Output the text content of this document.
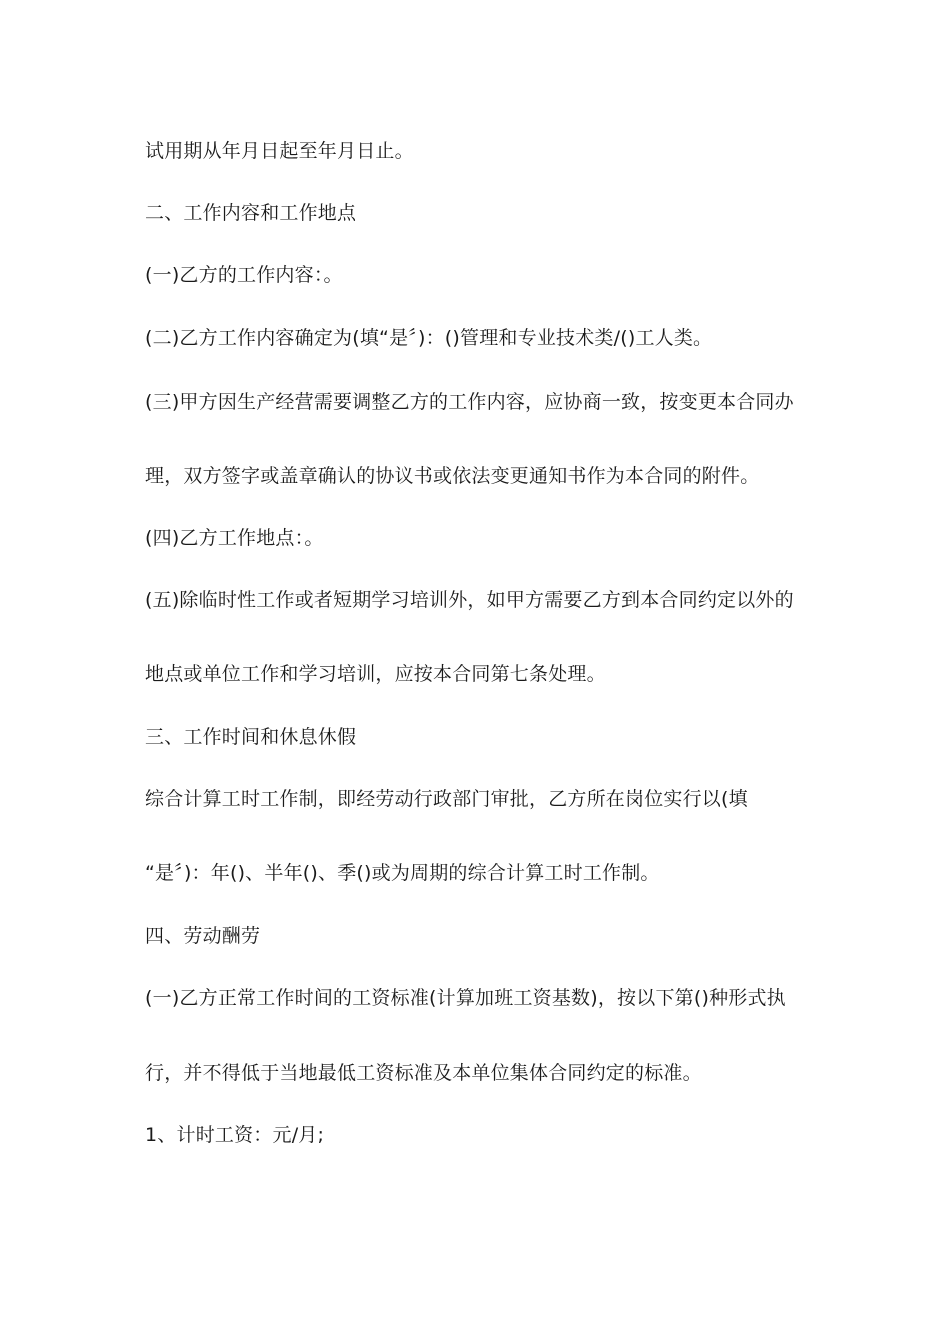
试用期从年月日起至年月日止。
二、工作内容和工作地点
(一)乙方的工作内容：。
(二)乙方工作内容确定为(填“是〞)：()管理和专业技术类/()工人类。
(三)甲方因生产经营需要调整乙方的工作内容，应协商一致，按变更本合同办
理，双方签字或盖章确认的协议书或依法变更通知书作为本合同的附件。
(四)乙方工作地点：。
(五)除临时性工作或者短期学习培训外，如甲方需要乙方到本合同约定以外的
地点或单位工作和学习培训，应按本合同第七条处理。
三、工作时间和休息休假
综合计算工时工作制，即经劳动行政部门审批，乙方所在岗位实行以(填
“是〞)：年()、半年()、季()或为周期的综合计算工时工作制。
四、劳动酬劳
(一)乙方正常工作时间的工资标准(计算加班工资基数)，按以下第()种形式执
行，并不得低于当地最低工资标准及本单位集体合同约定的标准。
1、计时工资：元/月;
